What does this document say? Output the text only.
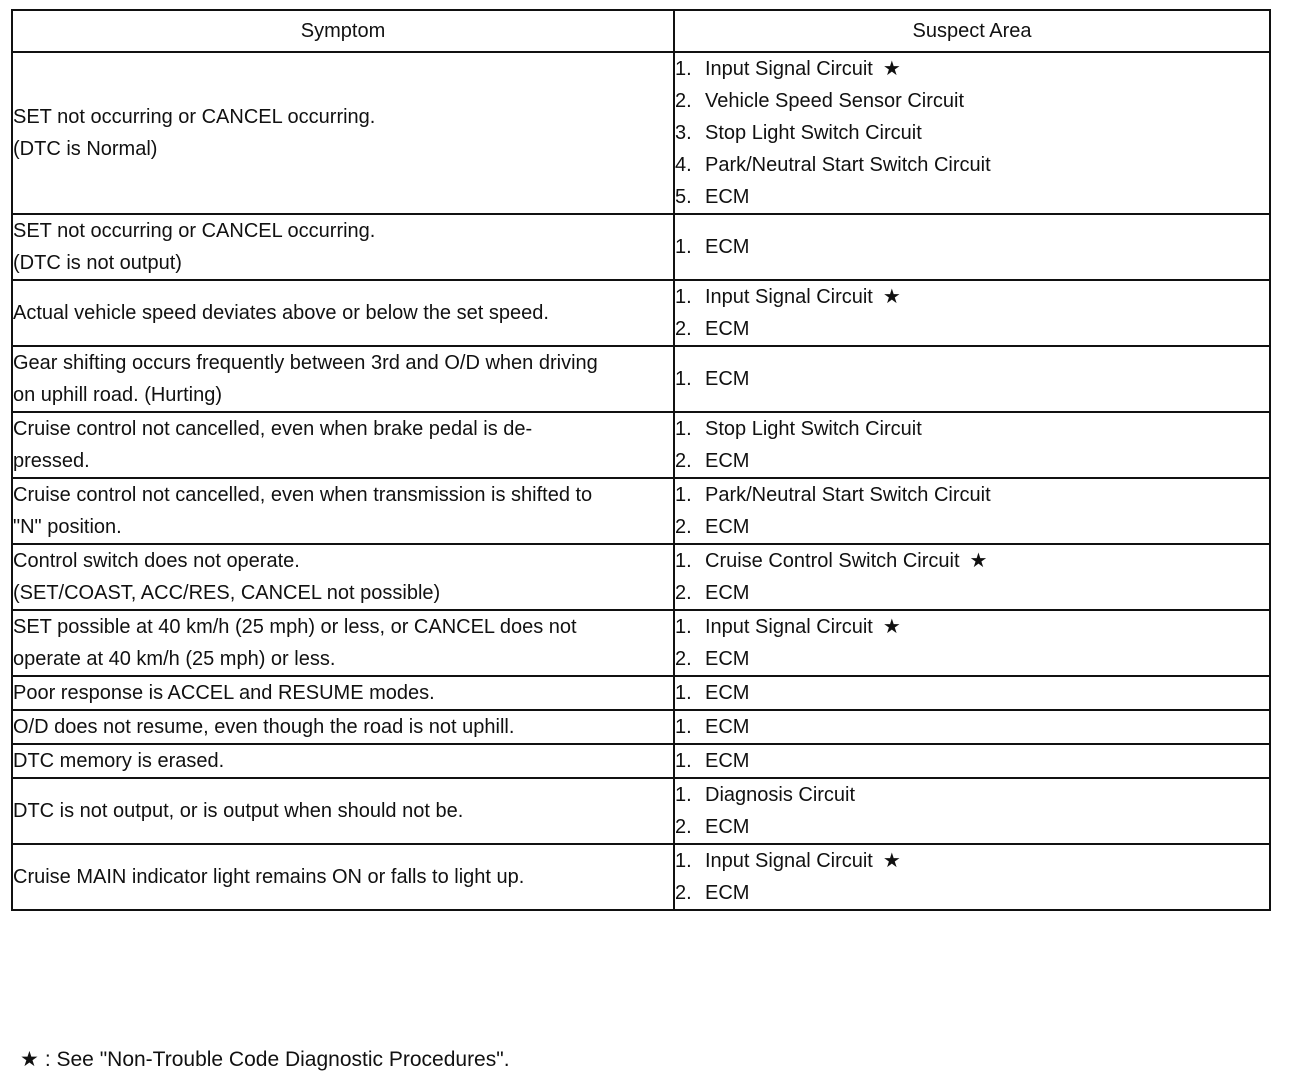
Symptom	Suspect Area

SET not occurring or CANCEL occurring.
(DTC is Normal)	1. Input Signal Circuit ★
2. Vehicle Speed Sensor Circuit
3. Stop Light Switch Circuit
4. Park/Neutral Start Switch Circuit
5. ECM

SET not occurring or CANCEL occurring.
(DTC is not output)	1. ECM

Actual vehicle speed deviates above or below the set speed.	1. Input Signal Circuit ★
2. ECM

Gear shifting occurs frequently between 3rd and O/D when driving
on uphill road. (Hurting)	1. ECM

Cruise control not cancelled, even when brake pedal is de-
pressed.	1. Stop Light Switch Circuit
2. ECM

Cruise control not cancelled, even when transmission is shifted to
"N" position.	1. Park/Neutral Start Switch Circuit
2. ECM

Control switch does not operate.
(SET/COAST, ACC/RES, CANCEL not possible)	1. Cruise Control Switch Circuit ★
2. ECM

SET possible at 40 km/h (25 mph) or less, or CANCEL does not
operate at 40 km/h (25 mph) or less.	1. Input Signal Circuit ★
2. ECM

Poor response is ACCEL and RESUME modes.	1. ECM

O/D does not resume, even though the road is not uphill.	1. ECM

DTC memory is erased.	1. ECM

DTC is not output, or is output when should not be.	1. Diagnosis Circuit
2. ECM

Cruise MAIN indicator light remains ON or falls to light up.	1. Input Signal Circuit ★
2. ECM
★ : See "Non-Trouble Code Diagnostic Procedures".
